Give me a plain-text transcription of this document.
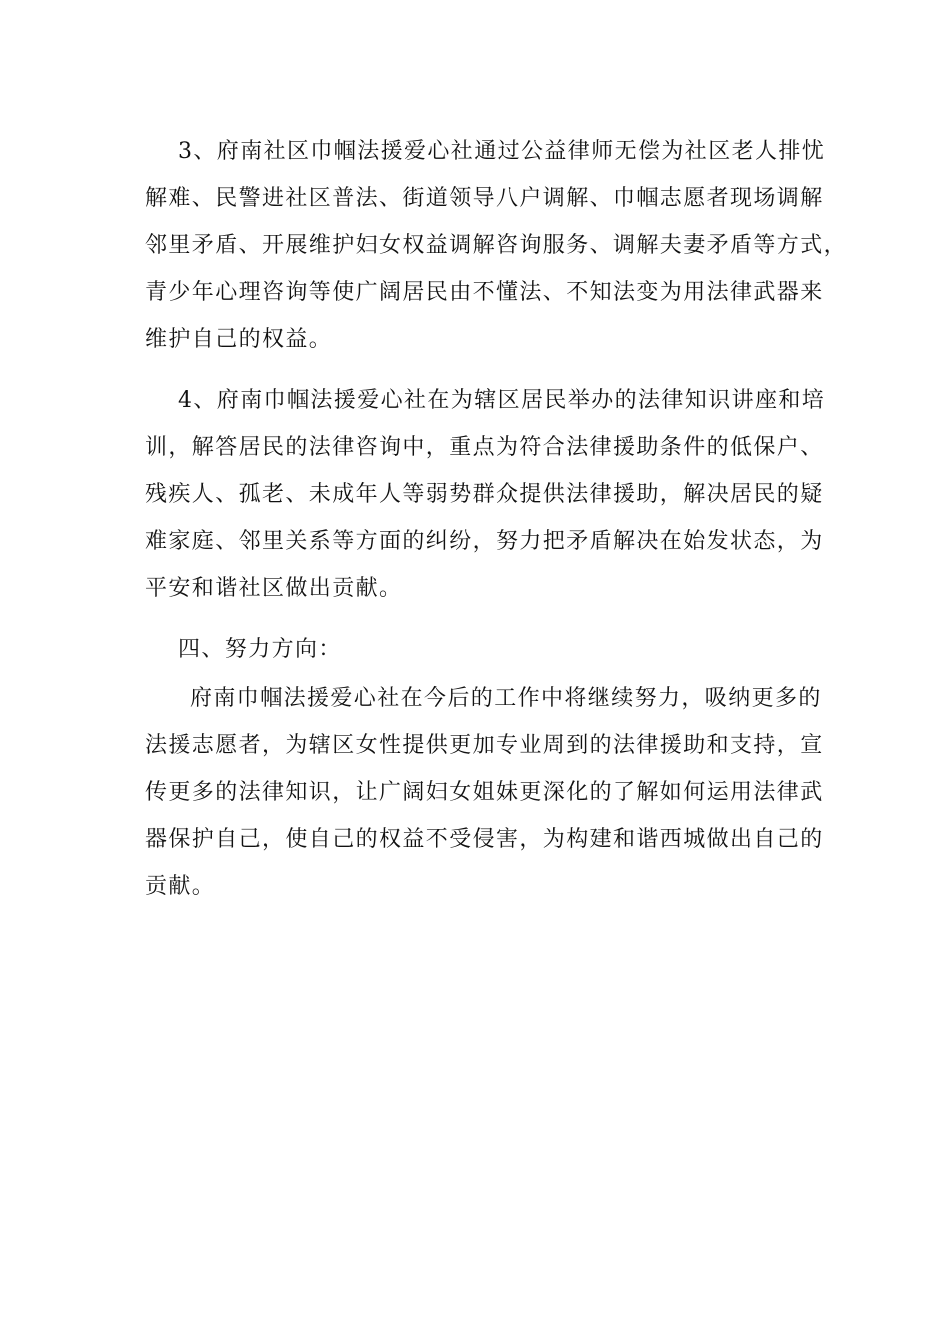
3、府南社区巾帼法援爱心社通过公益律师无偿为社区老人排忧
解难、民警进社区普法、街道领导八户调解、巾帼志愿者现场调解
邻里矛盾、开展维护妇女权益调解咨询服务、调解夫妻矛盾等方式，
青少年心理咨询等使广阔居民由不懂法、不知法变为用法律武器来
维护自己的权益。
4、府南巾帼法援爱心社在为辖区居民举办的法律知识讲座和培
训，解答居民的法律咨询中，重点为符合法律援助条件的低保户、
残疾人、孤老、未成年人等弱势群众提供法律援助，解决居民的疑
难家庭、邻里关系等方面的纠纷，努力把矛盾解决在始发状态，为
平安和谐社区做出贡献。
四、努力方向：
府南巾帼法援爱心社在今后的工作中将继续努力，吸纳更多的
法援志愿者，为辖区女性提供更加专业周到的法律援助和支持，宣
传更多的法律知识，让广阔妇女姐妹更深化的了解如何运用法律武
器保护自己，使自己的权益不受侵害，为构建和谐西城做出自己的
贡献。
